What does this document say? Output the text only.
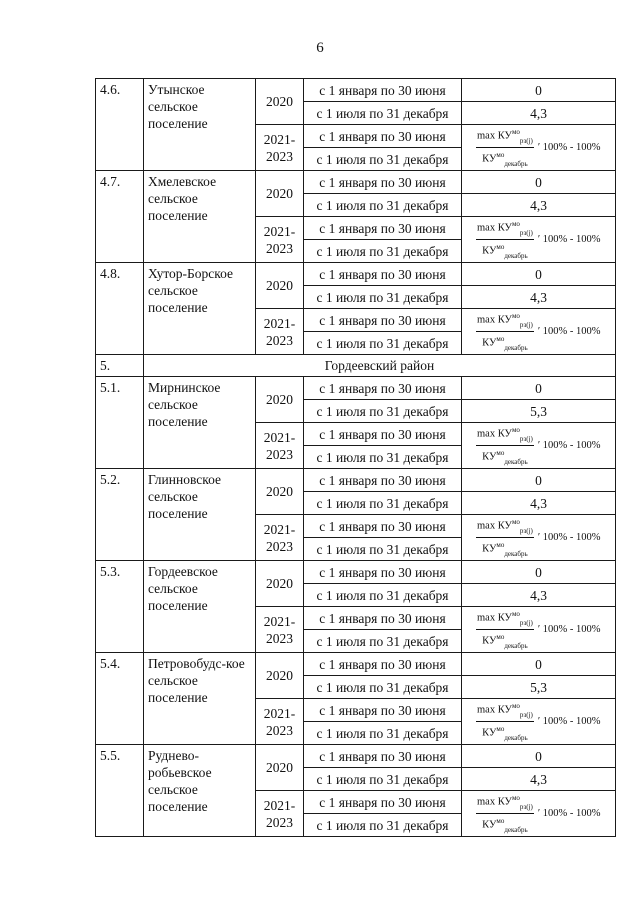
6
4.6.	Утынское сельское поселение	2020	с 1 января по 30 июня	0
			с 1 июля по 31 декабря	4,3
		2021-2023	с 1 января по 30 июня	$\frac{\max КУ^{мо}_{рз(j)}}{КУ^{мо}_{декабрь}}$ ʹ 100% - 100%

			с 1 июля по 31 декабря	
4.7.	Хмелевское сельское поселение	2020	с 1 января по 30 июня	0
			с 1 июля по 31 декабря	4,3
		2021-2023	с 1 января по 30 июня	$\frac{\max КУ^{мо}_{рз(j)}}{КУ^{мо}_{декабрь}}$ ʹ 100% - 100%

			с 1 июля по 31 декабря	
4.8.	Хутор-Борское сельское поселение	2020	с 1 января по 30 июня	0
			с 1 июля по 31 декабря	4,3
		2021-2023	с 1 января по 30 июня	$\frac{\max КУ^{мо}_{рз(j)}}{КУ^{мо}_{декабрь}}$ ʹ 100% - 100%

			с 1 июля по 31 декабря	
5.	Гордеевский район			
5.1.	Мирнинское сельское поселение	2020	с 1 января по 30 июня	0
			с 1 июля по 31 декабря	5,3
		2021-2023	с 1 января по 30 июня	$\frac{\max КУ^{мо}_{рз(j)}}{КУ^{мо}_{декабрь}}$ ʹ 100% - 100%

			с 1 июля по 31 декабря	
5.2.	Глинновское сельское поселение	2020	с 1 января по 30 июня	0
			с 1 июля по 31 декабря	4,3
		2021-2023	с 1 января по 30 июня	$\frac{\max КУ^{мо}_{рз(j)}}{КУ^{мо}_{декабрь}}$ ʹ 100% - 100%

			с 1 июля по 31 декабря	
5.3.	Гордеевское сельское поселение	2020	с 1 января по 30 июня	0
			с 1 июля по 31 декабря	4,3
		2021-2023	с 1 января по 30 июня	$\frac{\max КУ^{мо}_{рз(j)}}{КУ^{мо}_{декабрь}}$ ʹ 100% - 100%

			с 1 июля по 31 декабря	
5.4.	Петровобудс-кое сельское поселение	2020	с 1 января по 30 июня	0
			с 1 июля по 31 декабря	5,3
		2021-2023	с 1 января по 30 июня	$\frac{\max КУ^{мо}_{рз(j)}}{КУ^{мо}_{декабрь}}$ ʹ 100% - 100%

			с 1 июля по 31 декабря	
5.5.	Руднево-робьевское сельское поселение	2020	с 1 января по 30 июня	0
			с 1 июля по 31 декабря	4,3
		2021-2023	с 1 января по 30 июня	$\frac{\max КУ^{мо}_{рз(j)}}{КУ^{мо}_{декабрь}}$ ʹ 100% - 100%

			с 1 июля по 31 декабря	
